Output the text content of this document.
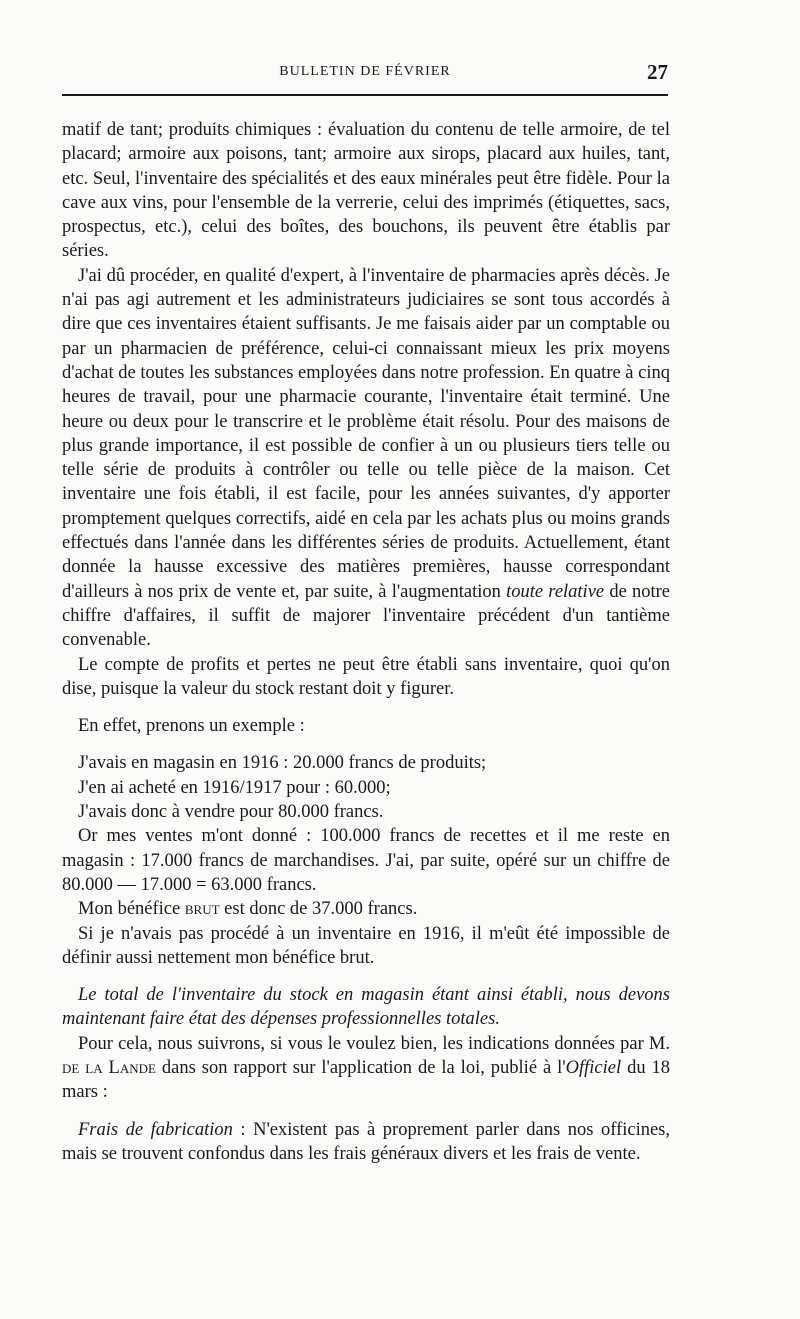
BULLETIN DE FÉVRIER	27

matif de tant; produits chimiques : évaluation du contenu de telle armoire, de tel placard; armoire aux poisons, tant; armoire aux sirops, placard aux huiles, tant, etc. Seul, l'inventaire des spécialités et des eaux minérales peut être fidèle. Pour la cave aux vins, pour l'ensemble de la verrerie, celui des imprimés (étiquettes, sacs, prospectus, etc.), celui des boîtes, des bouchons, ils peuvent être établis par séries.

J'ai dû procéder, en qualité d'expert, à l'inventaire de pharmacies après décès. Je n'ai pas agi autrement et les administrateurs judiciaires se sont tous accordés à dire que ces inventaires étaient suffisants. Je me faisais aider par un comptable ou par un pharmacien de préférence, celui-ci connaissant mieux les prix moyens d'achat de toutes les substances employées dans notre profession. En quatre à cinq heures de travail, pour une pharmacie courante, l'inventaire était terminé. Une heure ou deux pour le transcrire et le problème était résolu. Pour des maisons de plus grande importance, il est possible de confier à un ou plusieurs tiers telle ou telle série de produits à contrôler ou telle ou telle pièce de la maison. Cet inventaire une fois établi, il est facile, pour les années suivantes, d'y apporter promptement quelques correctifs, aidé en cela par les achats plus ou moins grands effectués dans l'année dans les différentes séries de produits. Actuellement, étant donnée la hausse excessive des matières premières, hausse correspondant d'ailleurs à nos prix de vente et, par suite, à l'augmentation toute relative de notre chiffre d'affaires, il suffit de majorer l'inventaire précédent d'un tantième convenable.

Le compte de profits et pertes ne peut être établi sans inventaire, quoi qu'on dise, puisque la valeur du stock restant doit y figurer.

En effet, prenons un exemple :

J'avais en magasin en 1916 : 20.000 francs de produits;

J'en ai acheté en 1916/1917 pour : 60.000;

J'avais donc à vendre pour 80.000 francs.

Or mes ventes m'ont donné : 100.000 francs de recettes et il me reste en magasin : 17.000 francs de marchandises. J'ai, par suite, opéré sur un chiffre de 80.000 — 17.000 = 63.000 francs.

Mon bénéfice brut est donc de 37.000 francs.

Si je n'avais pas procédé à un inventaire en 1916, il m'eût été impossible de définir aussi nettement mon bénéfice brut.

Le total de l'inventaire du stock en magasin étant ainsi établi, nous devons maintenant faire état des dépenses professionnelles totales.

Pour cela, nous suivrons, si vous le voulez bien, les indications données par M. de la Lande dans son rapport sur l'application de la loi, publié à l'Officiel du 18 mars :

Frais de fabrication : N'existent pas à proprement parler dans nos officines, mais se trouvent confondus dans les frais généraux divers et les frais de vente.
